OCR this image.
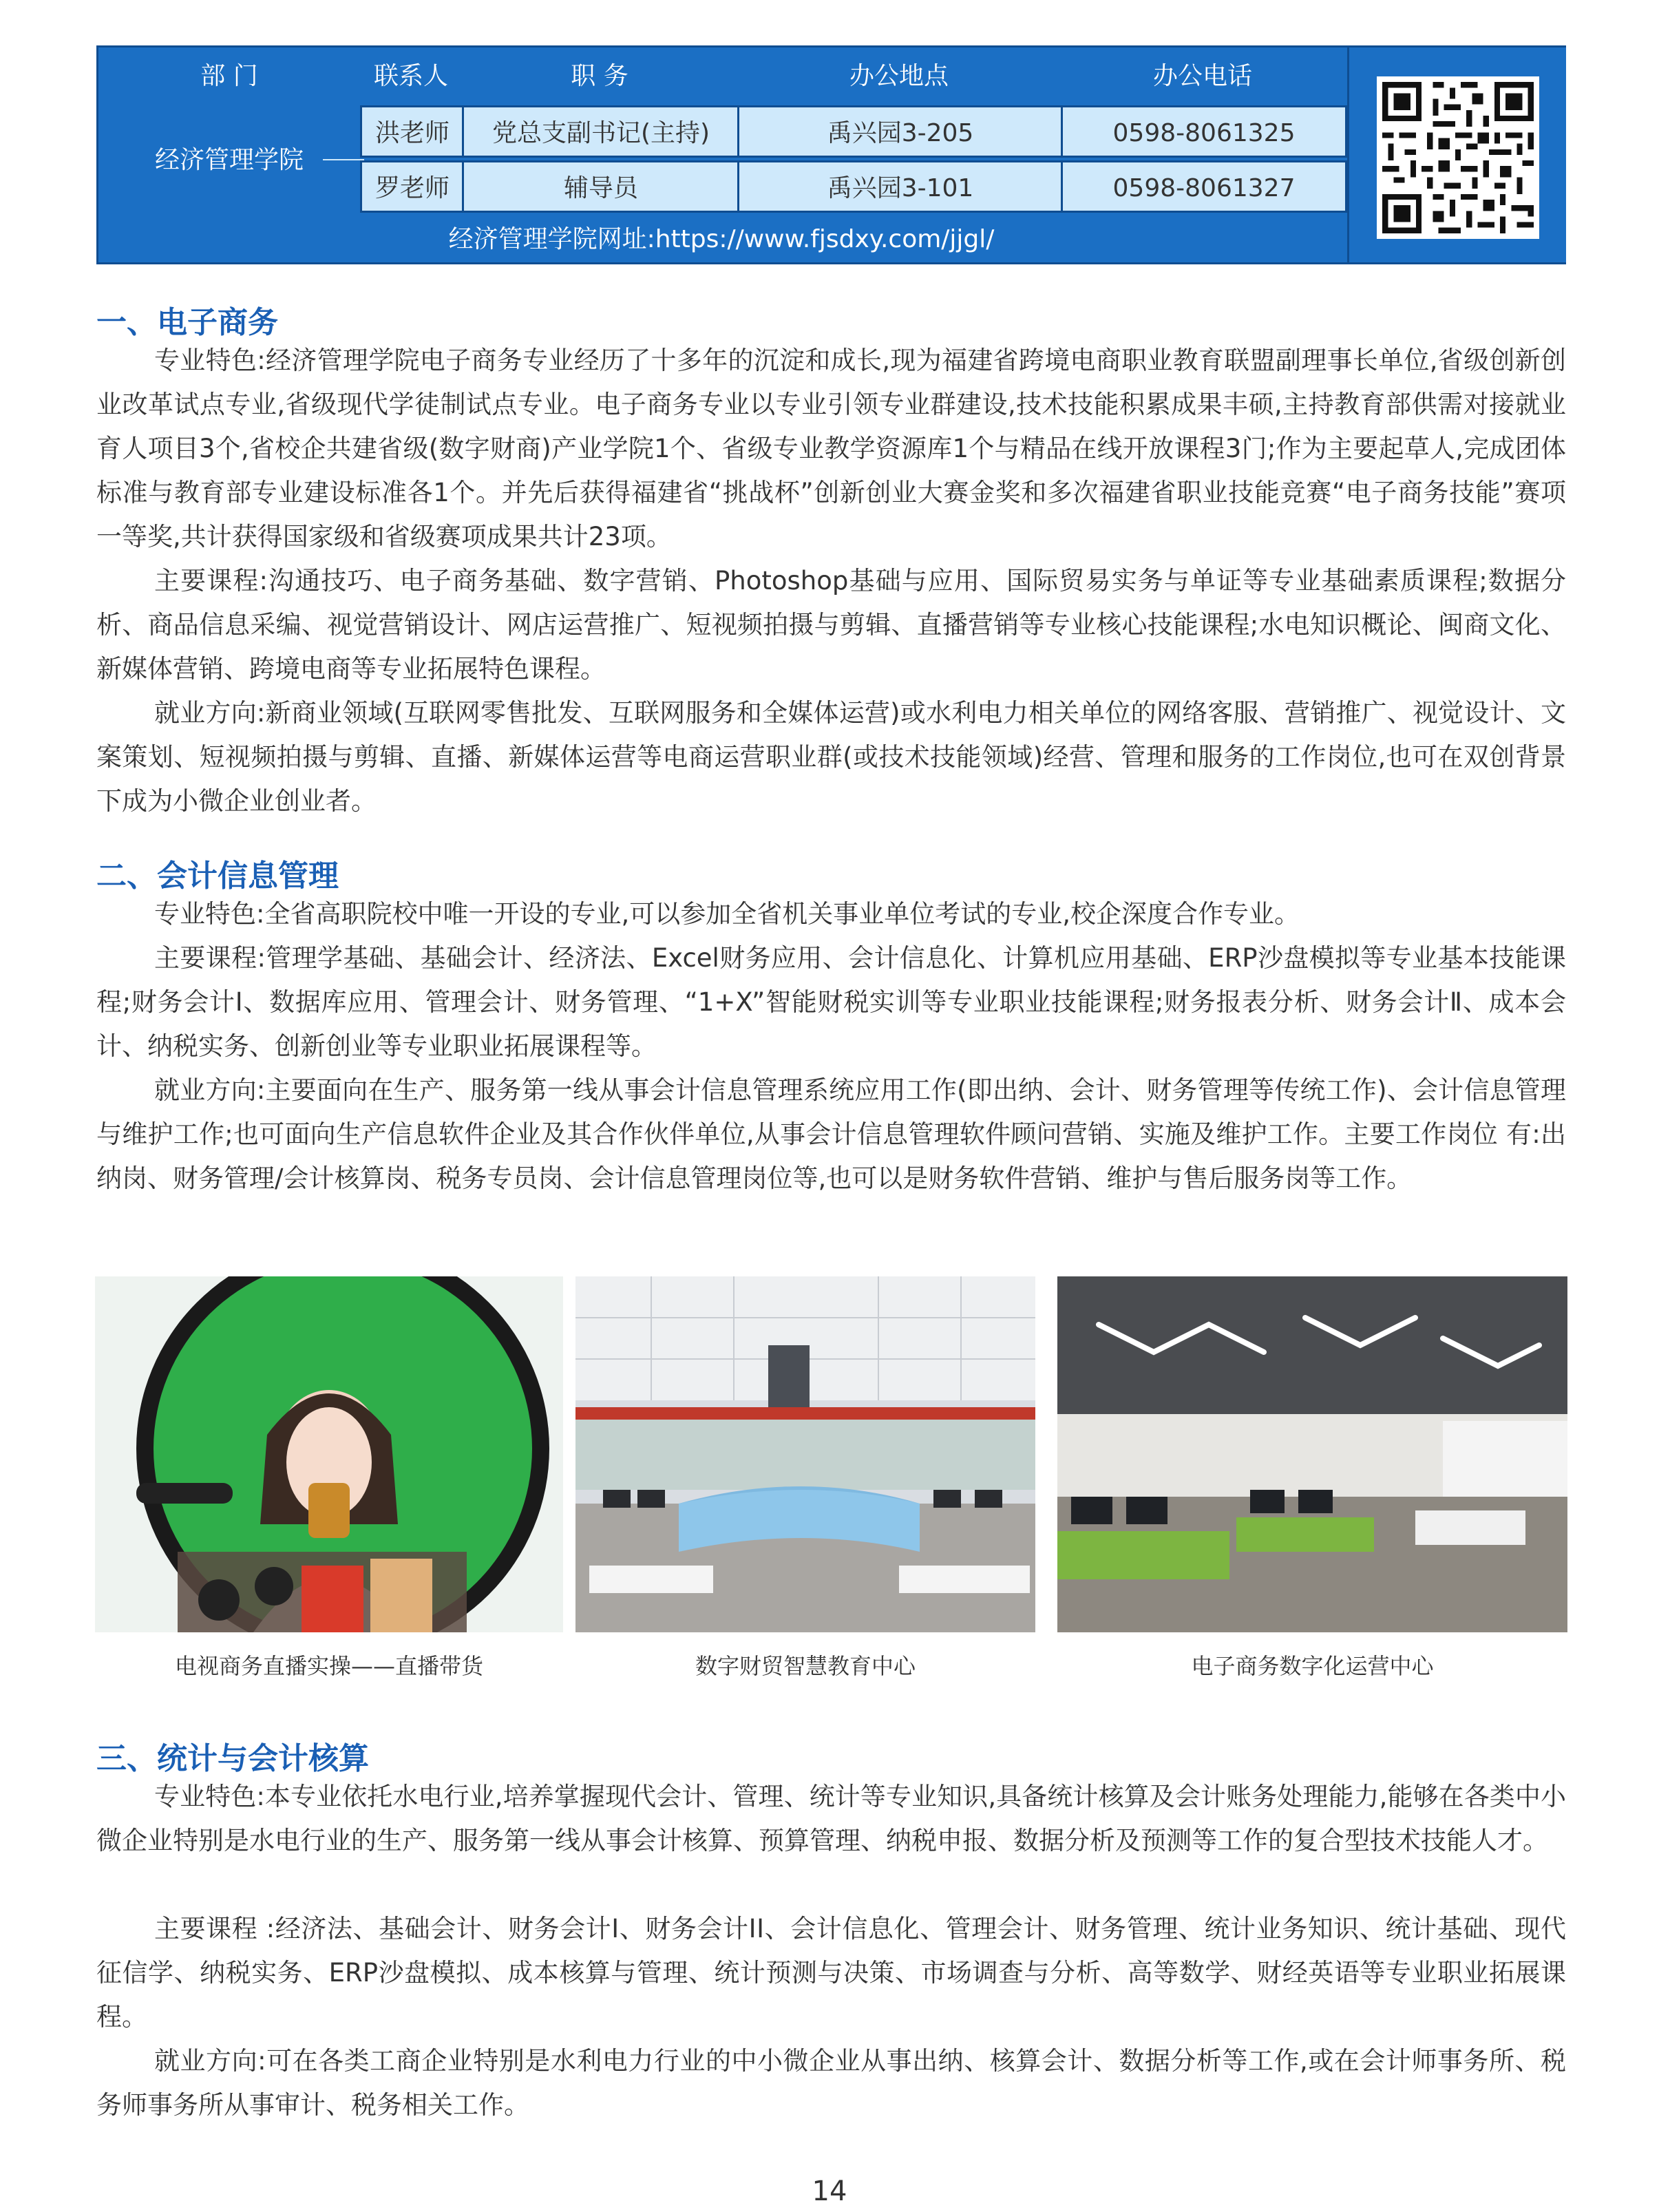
部 门	联系人	职 务	办公地点	办公电话
经济管理学院
洪老师	党总支副书记(主持)	禹兴园3-205	0598-8061325
罗老师	辅导员	禹兴园3-101	0598-8061327
经济管理学院网址:https://www.fjsdxy.com/jjgl/
一、电子商务

专业特色:经济管理学院电子商务专业经历了十多年的沉淀和成长,现为福建省跨境电商职业教育联盟副理事长单位,省级创新创业改革试点专业,省级现代学徒制试点专业。电子商务专业以专业引领专业群建设,技术技能积累成果丰硕,主持教育部供需对接就业育人项目3个,省校企共建省级(数字财商)产业学院1个、省级专业教学资源库1个与精品在线开放课程3门;作为主要起草人,完成团体标准与教育部专业建设标准各1个。并先后获得福建省“挑战杯”创新创业大赛金奖和多次福建省职业技能竞赛“电子商务技能”赛项一等奖,共计获得国家级和省级赛项成果共计23项。

主要课程:沟通技巧、电子商务基础、数字营销、Photoshop基础与应用、国际贸易实务与单证等专业基础素质课程;数据分析、商品信息采编、视觉营销设计、网店运营推广、短视频拍摄与剪辑、直播营销等专业核心技能课程;水电知识概论、闽商文化、新媒体营销、跨境电商等专业拓展特色课程。

就业方向:新商业领域(互联网零售批发、互联网服务和全媒体运营)或水利电力相关单位的网络客服、营销推广、视觉设计、文案策划、短视频拍摄与剪辑、直播、新媒体运营等电商运营职业群(或技术技能领域)经营、管理和服务的工作岗位,也可在双创背景下成为小微企业创业者。

二、会计信息管理

专业特色:全省高职院校中唯一开设的专业,可以参加全省机关事业单位考试的专业,校企深度合作专业。

主要课程:管理学基础、基础会计、经济法、Excel财务应用、会计信息化、计算机应用基础、ERP沙盘模拟等专业基本技能课程;财务会计Ⅰ、数据库应用、管理会计、财务管理、“1+X”智能财税实训等专业职业技能课程;财务报表分析、财务会计Ⅱ、成本会计、纳税实务、创新创业等专业职业拓展课程等。

就业方向:主要面向在生产、服务第一线从事会计信息管理系统应用工作(即出纳、会计、财务管理等传统工作)、会计信息管理与维护工作;也可面向生产信息软件企业及其合作伙伴单位,从事会计信息管理软件顾问营销、实施及维护工作。主要工作岗位 有:出纳岗、财务管理/会计核算岗、税务专员岗、会计信息管理岗位等,也可以是财务软件营销、维护与售后服务岗等工作。

电视商务直播实操——直播带货	数字财贸智慧教育中心	电子商务数字化运营中心
三、统计与会计核算

专业特色:本专业依托水电行业,培养掌握现代会计、管理、统计等专业知识,具备统计核算及会计账务处理能力,能够在各类中小微企业特别是水电行业的生产、服务第一线从事会计核算、预算管理、纳税申报、数据分析及预测等工作的复合型技术技能人才。

主要课程 :经济法、基础会计、财务会计Ⅰ、财务会计ⅠⅠ、会计信息化、管理会计、财务管理、统计业务知识、统计基础、现代征信学、纳税实务、ERP沙盘模拟、成本核算与管理、统计预测与决策、市场调查与分析、高等数学、财经英语等专业职业拓展课程。

就业方向:可在各类工商企业特别是水利电力行业的中小微企业从事出纳、核算会计、数据分析等工作,或在会计师事务所、税务师事务所从事审计、税务相关工作。

14
